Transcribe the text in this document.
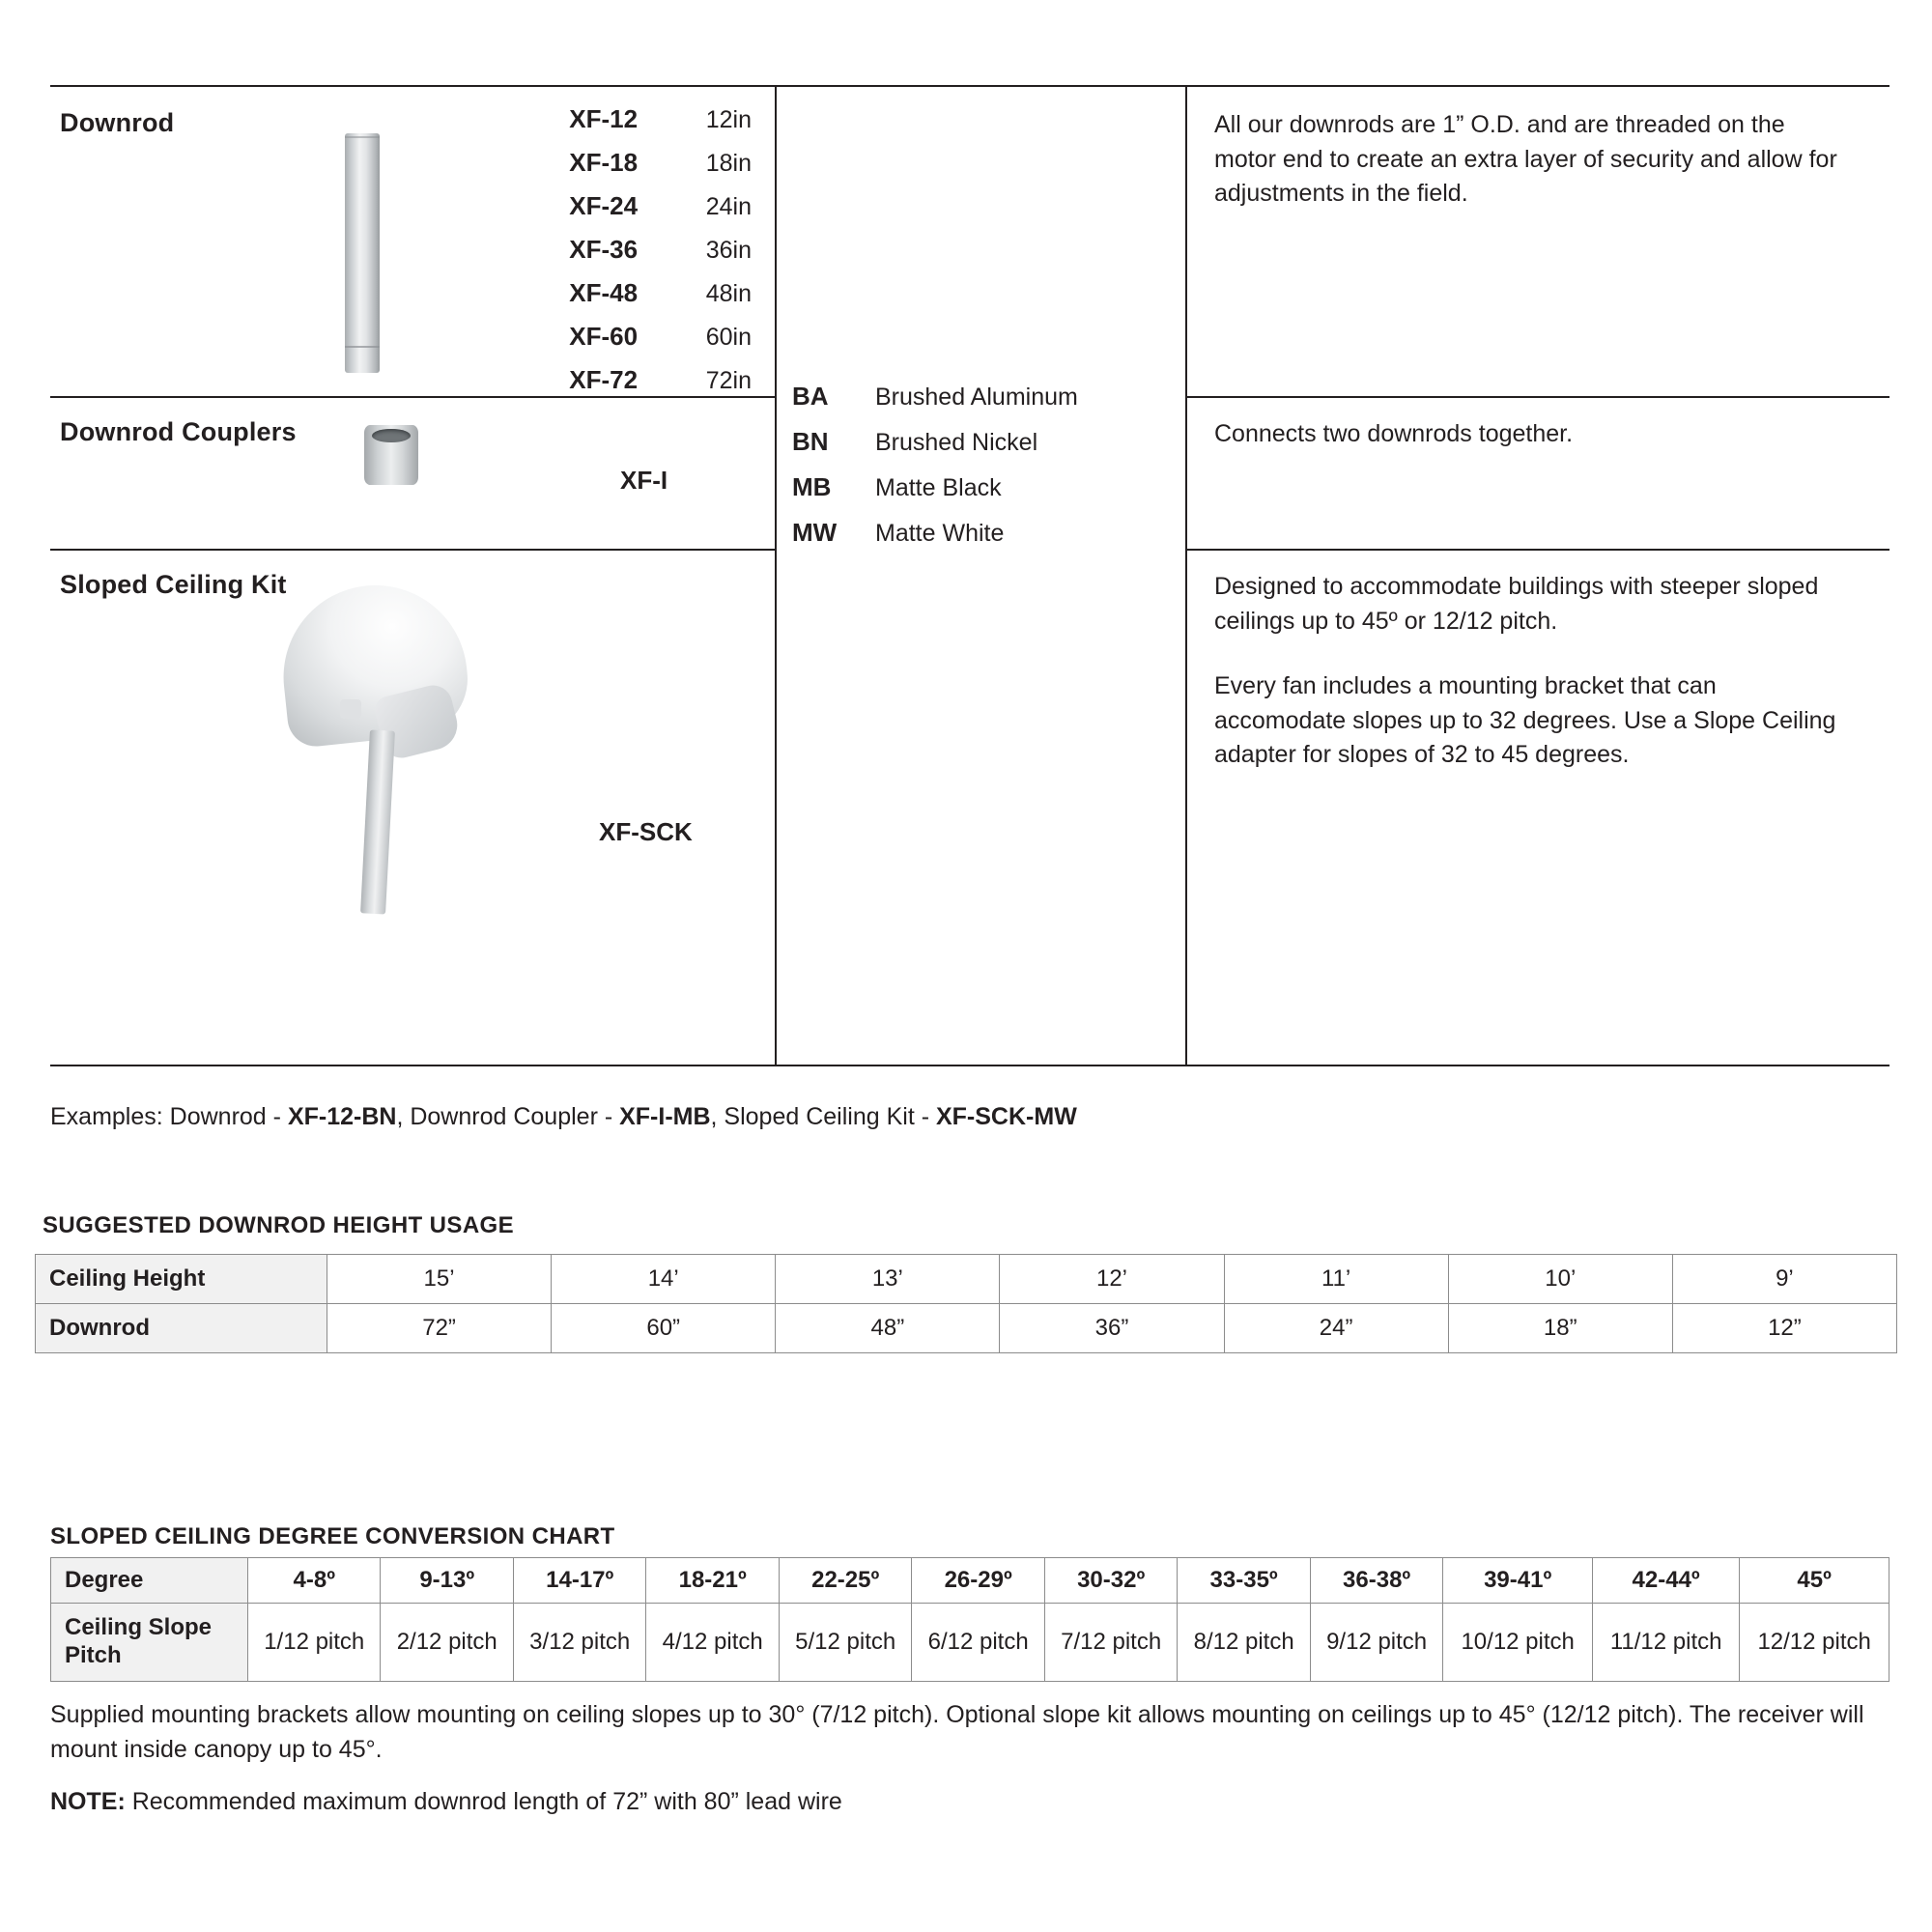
Downrod	XF-12	12in
XF-18	18in
XF-24	24in
XF-36	36in
XF-48	48in
XF-60	60in
XF-72	72in
All our downrods are 1” O.D. and are threaded on the motor end to create an extra layer of security and allow for adjustments in the field.
Downrod Couplers
XF-I
Connects two downrods together.
Sloped Ceiling Kit
XF-SCK
Designed to accommodate buildings with steeper sloped ceilings up to 45º or 12/12 pitch.
Every fan includes a mounting bracket that can accomodate slopes up to 32 degrees. Use a Slope Ceiling adapter for slopes of 32 to 45 degrees.
BA	Brushed Aluminum
BN	Brushed Nickel
MB	Matte Black
MW	Matte White
Examples: Downrod - XF-12-BN, Downrod Coupler - XF-I-MB, Sloped Ceiling Kit - XF-SCK-MW
SUGGESTED DOWNROD HEIGHT USAGE
Ceiling Height	15’	14’	13’	12’	11’	10’	9’
Downrod	72”	60”	48”	36”	24”	18”	12”
SLOPED CEILING DEGREE CONVERSION CHART
Degree	4-8º	9-13º	14-17º	18-21º	22-25º	26-29º	30-32º	33-35º	36-38º	39-41º	42-44º	45º
Ceiling Slope Pitch	1/12 pitch	2/12 pitch	3/12 pitch	4/12 pitch	5/12 pitch	6/12 pitch	7/12 pitch	8/12 pitch	9/12 pitch	10/12 pitch	11/12 pitch	12/12 pitch
Supplied mounting brackets allow mounting on ceiling slopes up to 30° (7/12 pitch). Optional slope kit allows mounting on ceilings up to 45° (12/12 pitch). The receiver will mount inside canopy up to 45°.
NOTE: Recommended maximum downrod length of 72” with 80” lead wire
